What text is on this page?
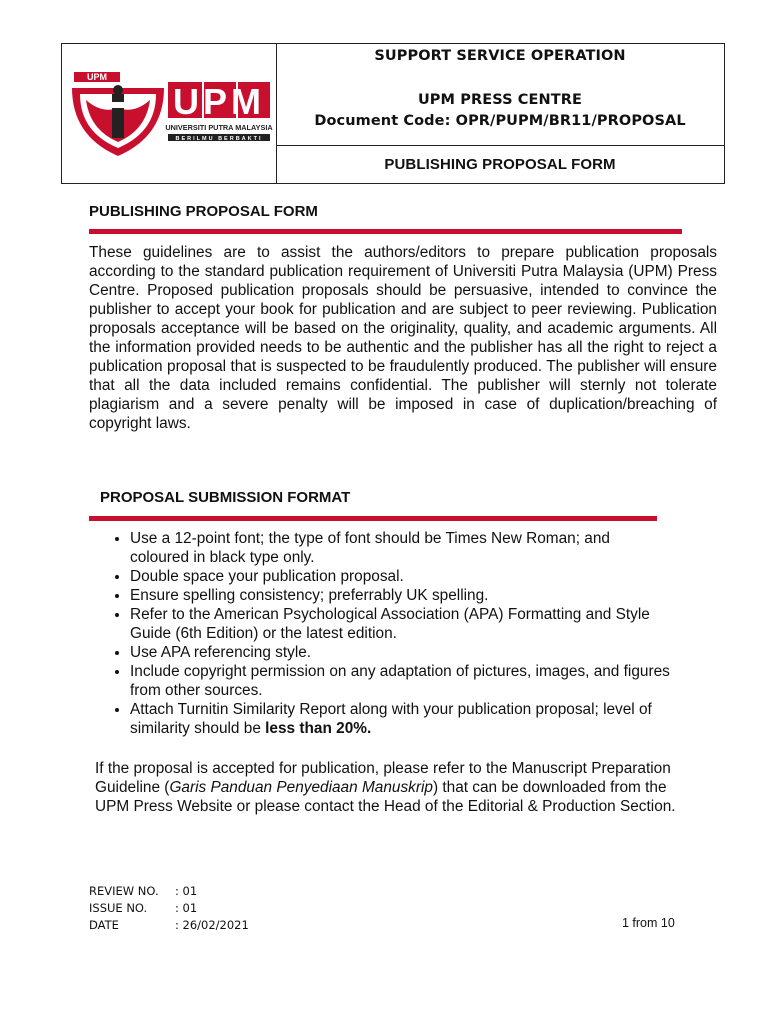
UPM
UPM
UNIVERSITI PUTRA MALAYSIA
BERILMU BERBAKTI
SUPPORT SERVICE OPERATION
UPM PRESS CENTRE
Document Code: OPR/PUPM/BR11/PROPOSAL
PUBLISHING PROPOSAL FORM
PUBLISHING PROPOSAL FORM

These guidelines are to assist the authors/editors to prepare publication proposals according to the standard publication requirement of Universiti Putra Malaysia (UPM) Press Centre. Proposed publication proposals should be persuasive, intended to convince the publisher to accept your book for publication and are subject to peer reviewing. Publication proposals acceptance will be based on the originality, quality, and academic arguments. All the information provided needs to be authentic and the publisher has all the right to reject a publication proposal that is suspected to be fraudulently produced. The publisher will ensure that all the data included remains confidential. The publisher will sternly not tolerate plagiarism and a severe penalty will be imposed in case of duplication/breaching of copyright laws.

PROPOSAL SUBMISSION FORMAT
• Use a 12-point font; the type of font should be Times New Roman; and coloured in black type only.
• Double space your publication proposal.
• Ensure spelling consistency; preferrably UK spelling.
• Refer to the American Psychological Association (APA) Formatting and Style Guide (6th Edition) or the latest edition.
• Use APA referencing style.
• Include copyright permission on any adaptation of pictures, images, and figures from other sources.
• Attach Turnitin Similarity Report along with your publication proposal; level of similarity should be less than 20%.

If the proposal is accepted for publication, please refer to the Manuscript Preparation Guideline (Garis Panduan Penyediaan Manuskrip) that can be downloaded from the UPM Press Website or please contact the Head of the Editorial & Production Section.

REVIEW NO. : 01
ISSUE NO. : 01
DATE	: 26/02/2021	1 from 10
